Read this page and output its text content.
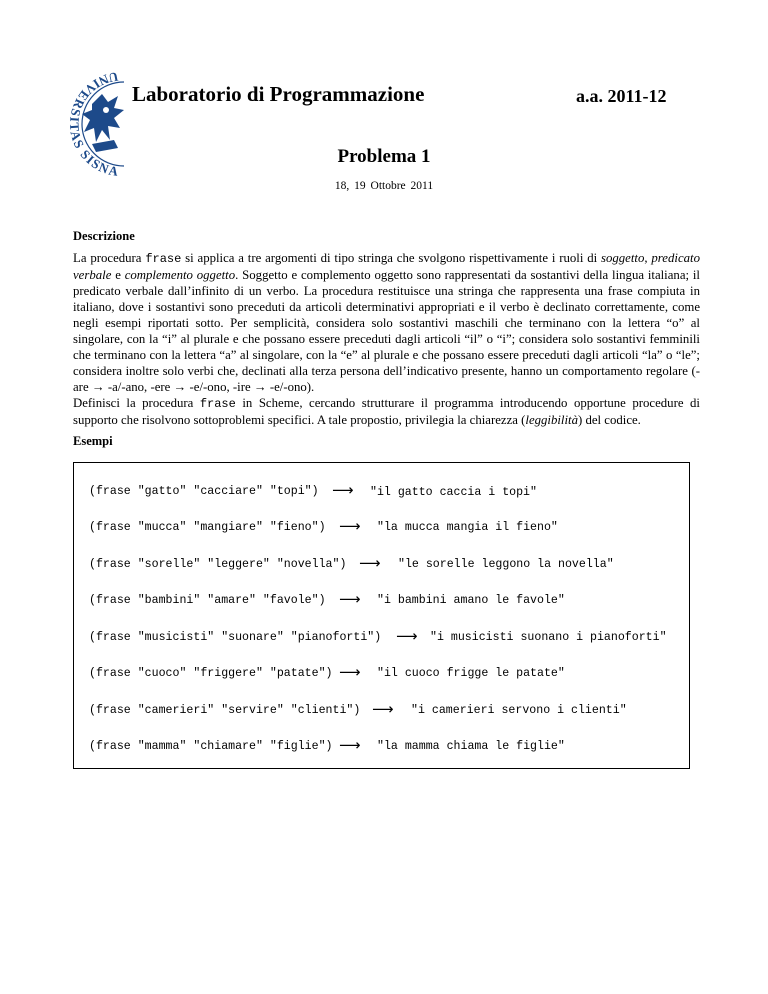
UNIVERSITAS SISNA
Laboratorio di Programmazione	a.a. 2011-12
Problema 1
18, 19 Ottobre 2011
Descrizione

La procedura frase si applica a tre argomenti di tipo stringa che svolgono rispettivamente i ruoli di soggetto, predicato verbale e complemento oggetto. Soggetto e complemento oggetto sono rappresentati da sostantivi della lingua italiana; il predicato verbale dall’infinito di un verbo. La procedura restituisce una stringa che rappresenta una frase compiuta in italiano, dove i sostantivi sono preceduti da articoli determinativi appropriati e il verbo è declinato correttamente, come negli esempi riportati sotto. Per semplicità, considera solo sostantivi maschili che terminano con la lettera “o” al singolare, con la “i” al plurale e che possano essere preceduti dagli articoli “il” o “i”; considera solo sostantivi femminili che terminano con la lettera “a” al singolare, con la “e” al plurale e che possano essere preceduti dagli articoli “la” o “le”; considera inoltre solo verbi che, declinati alla terza persona dell’indicativo presente, hanno un comportamento regolare (-are → -a/-ano, -ere → -e/-ono, -ire → -e/-ono).

Definisci la procedura frase in Scheme, cercando strutturare il programma introducendo opportune procedure di supporto che risolvono sottoproblemi specifici. A tale propostio, privilegia la chiarezza (leggibilità) del codice.

Esempi
(frase "gatto" "cacciare" "topi") ⟶ "il gatto caccia i topi"
(frase "mucca" "mangiare" "fieno") ⟶ "la mucca mangia il fieno"
(frase "sorelle" "leggere" "novella") ⟶ "le sorelle leggono la novella"
(frase "bambini" "amare" "favole") ⟶ "i bambini amano le favole"
(frase "musicisti" "suonare" "pianoforti") ⟶ "i musicisti suonano i pianoforti"
(frase "cuoco" "friggere" "patate") ⟶ "il cuoco frigge le patate"
(frase "camerieri" "servire" "clienti") ⟶ "i camerieri servono i clienti"
(frase "mamma" "chiamare" "figlie") ⟶ "la mamma chiama le figlie"
